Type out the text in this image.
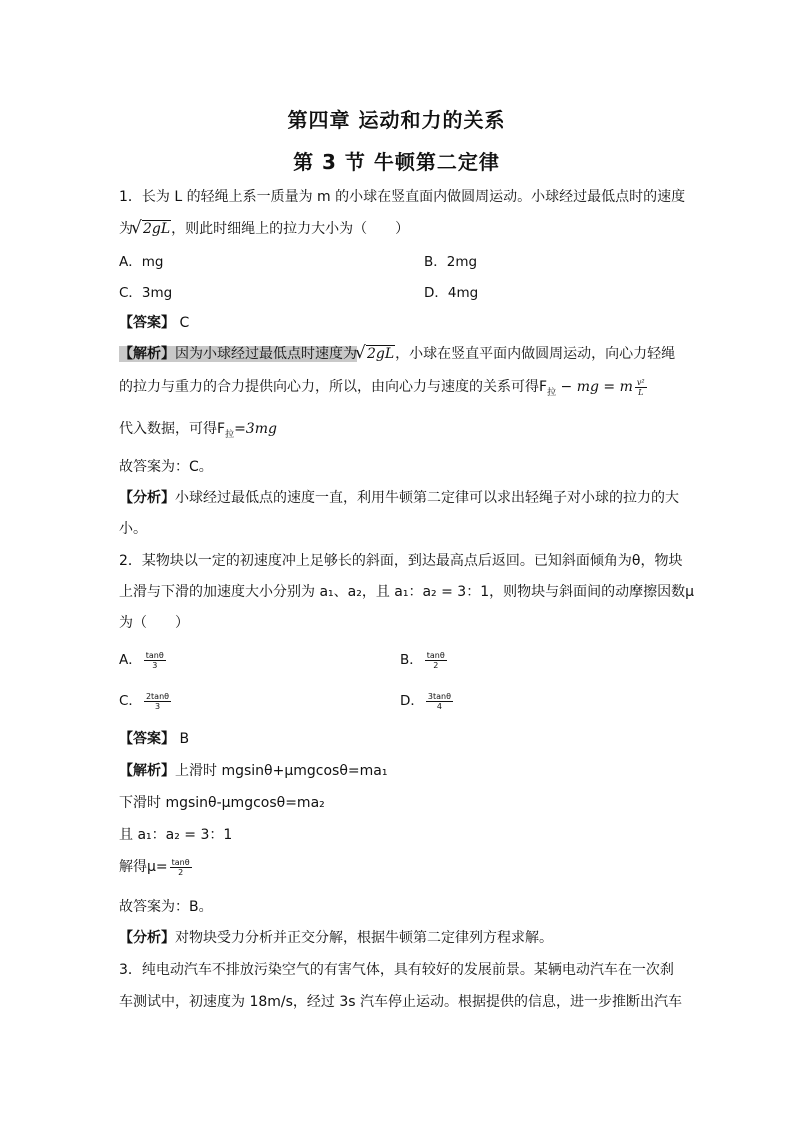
第四章 运动和力的关系
第 3 节 牛顿第二定律
1．长为 L 的轻绳上系一质量为 m 的小球在竖直面内做圆周运动。小球经过最低点时的速度
为 √ 2gL，则此时细绳上的拉力大小为（　　）
A．mg	B．2mg
C．3mg	D．4mg
【答案】 C
【解析】因为小球经过最低点时速度为 √ 2gL，小球在竖直平面内做圆周运动，向心力轻绳
的拉力与重力的合力提供向心力，所以，由向心力与速度的关系可得$F_拉$ − mg = m $\frac{\text{v²}}{L}$
代入数据，可得$F_拉=3mg$
故答案为：C。
【分析】小球经过最低点的速度一直，利用牛顿第二定律可以求出轻绳子对小球的拉力的大
小。
2．某物块以一定的初速度冲上足够长的斜面，到达最高点后返回。已知斜面倾角为θ，物块
上滑与下滑的加速度大小分别为 a₁、a₂，且 a₁：a₂ = 3：1，则物块与斜面间的动摩擦因数μ
为（　　）
A． $\frac{\tan\theta}{3}$	B． $\frac{\tan\theta}{2}$
C． $\frac{2\tan\theta}{3}$	D． $\frac{3\tan\theta}{4}$
【答案】 B
【解析】上滑时 mgsinθ+μmgcosθ=ma₁
下滑时 mgsinθ-μmgcosθ=ma₂
且 a₁：a₂ = 3：1
解得$\mu= \frac{\tan\theta}{2}$
故答案为：B。
【分析】对物块受力分析并正交分解，根据牛顿第二定律列方程求解。
3．纯电动汽车不排放污染空气的有害气体，具有较好的发展前景。某辆电动汽车在一次刹
车测试中，初速度为 18m/s，经过 3s 汽车停止运动。根据提供的信息，进一步推断出汽车
